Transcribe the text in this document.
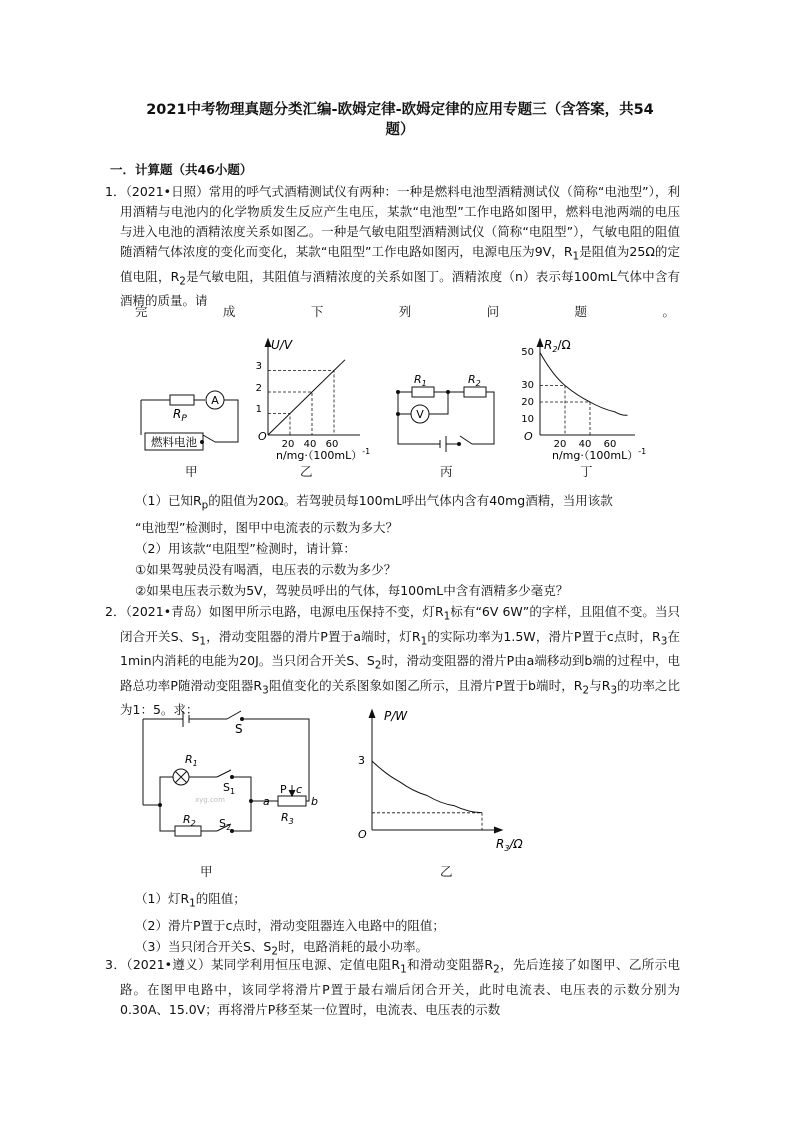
2021中考物理真题分类汇编-欧姆定律-欧姆定律的应用专题三（含答案，共54
题）
一．计算题（共46小题）
1．（2021•日照）常用的呼气式酒精测试仪有两种：一种是燃料电池型酒精测试仪（简称“电池型”），利用酒精与电池内的化学物质发生反应产生电压，某款“电池型”工作电路如图甲，燃料电池两端的电压与进入电池的酒精浓度关系如图乙。一种是气敏电阻型酒精测试仪（简称“电阻型”），气敏电阻的阻值随酒精气体浓度的变化而变化，某款“电阻型”工作电路如图丙，电源电压为9V，$R_1$是阻值为25Ω的定值电阻，$R_2$是气敏电阻，其阻值与酒精浓度的关系如图丁。酒精浓度（n）表示每100mL气体中含有酒精的质量。请
完	成	下	列	问	题	。
A
$R_P$
燃料电池
甲
U/V
O
1
2
3
20 40 60
$n/mg\cdot(100mL)^{-1}$
乙
V
$R_1$	$R_2$
丙
$R_2/\Omega$
O
10
20
30
50
20 40 60
$n/mg\cdot(100mL)^{-1}$
丁
（1）已知$R_p$的阻值为20Ω。若驾驶员每100mL呼出气体内含有40mg酒精，当用该款
“电池型”检测时，图甲中电流表的示数为多大？
（2）用该款“电阻型”检测时，请计算：
①如果驾驶员没有喝酒，电压表的示数为多少？
②如果电压表示数为5V，驾驶员呼出的气体，每100mL中含有酒精多少毫克？
2．（2021•青岛）如图甲所示电路，电源电压保持不变，灯$R_1$标有“6V 6W”的字样，且阻值不变。当只闭合开关S、$S_1$，滑动变阻器的滑片P置于a端时，灯$R_1$的实际功率为1.5W，滑片P置于c点时，$R_3$在1min内消耗的电能为20J。当只闭合开关S、$S_2$时，滑动变阻器的滑片P由a端移动到b端的过程中，电路总功率P随滑动变阻器$R_3$阻值变化的关系图象如图乙所示，且滑片P置于b端时，$R_2$与$R_3$的功率之比为1：5。求：
S
$R_1$
$S_1$
$R_2$ $S_2$
a	b
P c
$R_3$
xyg.com
甲
P/W
3
O
$R_3/\Omega$
乙
（1）灯$R_1$的阻值；
（2）滑片P置于c点时，滑动变阻器连入电路中的阻值；
（3）当只闭合开关S、$S_2$时，电路消耗的最小功率。
3．（2021•遵义）某同学利用恒压电源、定值电阻$R_1$和滑动变阻器$R_2$，先后连接了如图甲、乙所示电路。在图甲电路中，该同学将滑片P置于最右端后闭合开关，此时电流表、电压表的示数分别为0.30A、15.0V；再将滑片P移至某一位置时，电流表、电压表的示数
